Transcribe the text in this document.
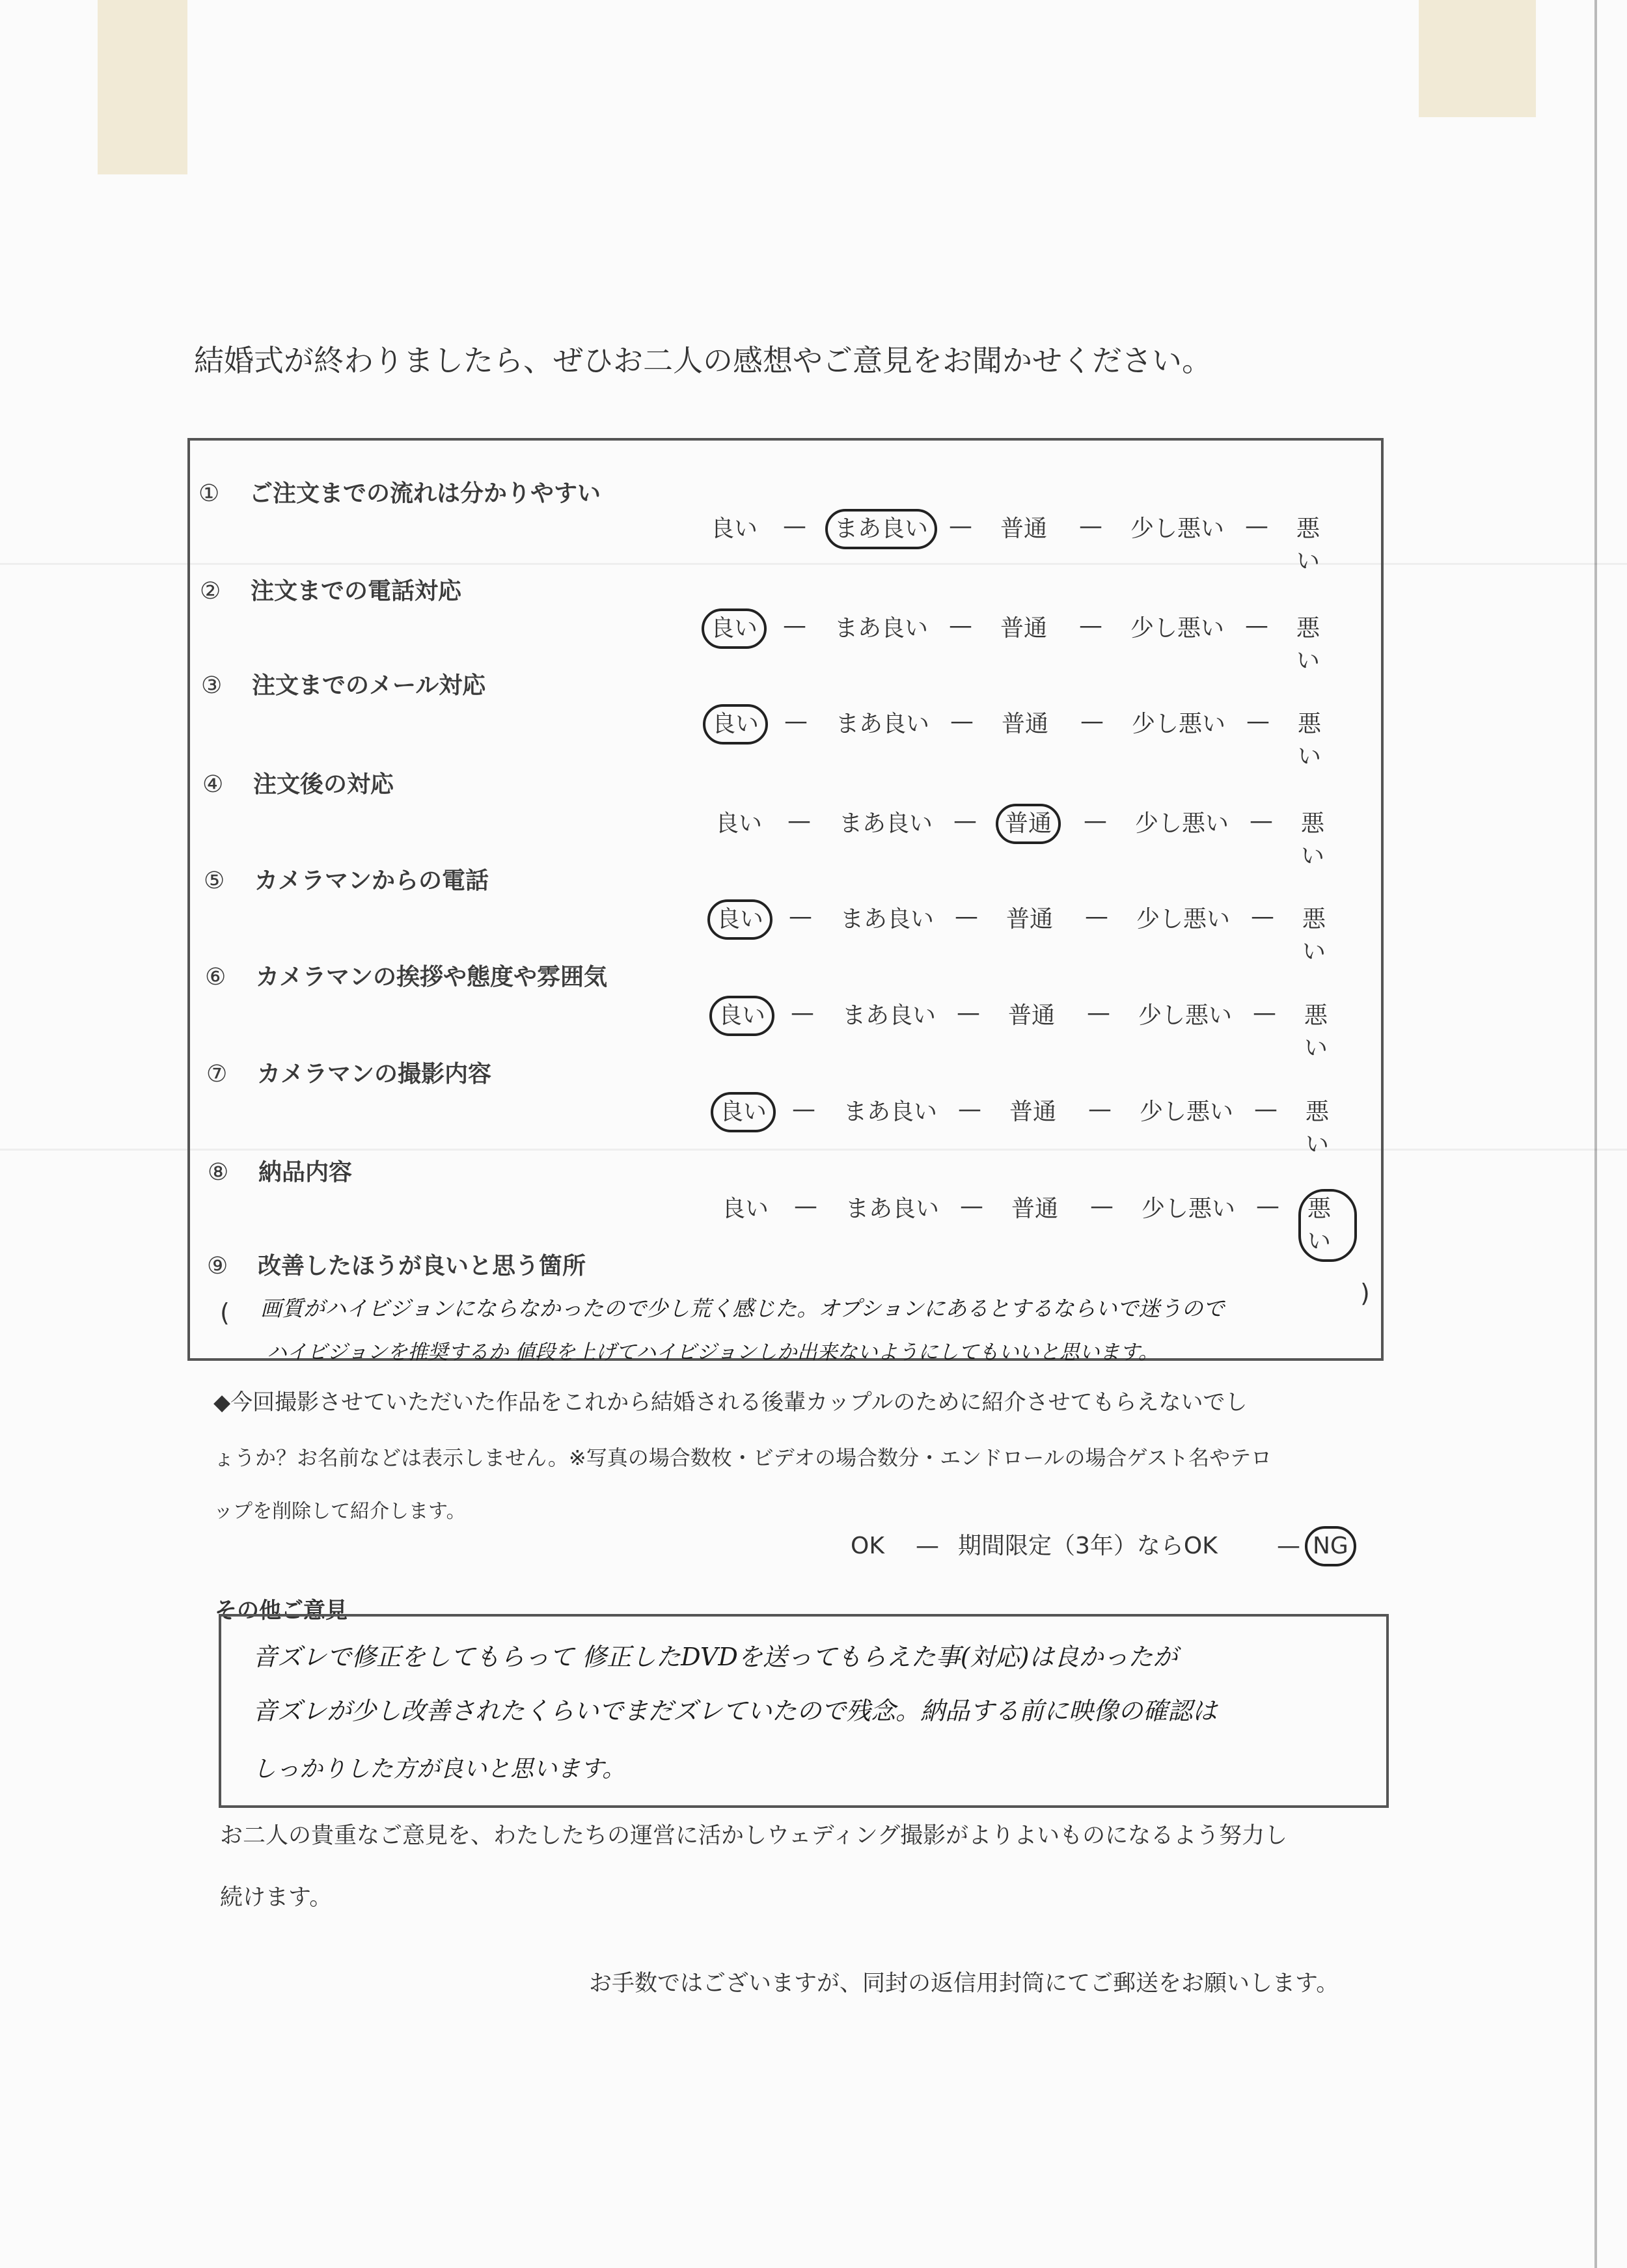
結婚式が終わりましたら、ぜひお二人の感想やご意見をお聞かせください。
① ご注文までの流れは分かりやすい
良い	—	まあ良い —	普通	—	少し悪い —	悪い
② 注文までの電話対応
良い	—	まあ良い —	普通	—	少し悪い —	悪い
③ 注文までのメール対応
良い	—	まあ良い —	普通	—	少し悪い —	悪い
④ 注文後の対応
良い	—	まあ良い —	普通	—	少し悪い —	悪い
⑤ カメラマンからの電話
良い	—	まあ良い —	普通	—	少し悪い —	悪い
⑥ カメラマンの挨拶や態度や雰囲気
良い	—	まあ良い —	普通	—	少し悪い —	悪い
⑦ カメラマンの撮影内容
良い	—	まあ良い —	普通	—	少し悪い —	悪い
⑧ 納品内容
良い	—	まあ良い —	普通	—	少し悪い —	悪い
⑨ 改善したほうが良いと思う箇所
(
)
画質がハイビジョンにならなかったので少し荒く感じた。オプションにあるとするならいで迷うので
ハイビジョンを推奨するか 値段を上げてハイビジョンしか出来ないようにしてもいいと思います。
◆今回撮影させていただいた作品をこれから結婚される後輩カップルのために紹介させてもらえないでし
ょうか？お名前などは表示しません。※写真の場合数枚・ビデオの場合数分・エンドロールの場合ゲスト名やテロ
ップを削除して紹介します。
OK	期間限定（3年）ならOK	NG
—	—
その他ご意見
音ズレで修正をしてもらって 修正したDVDを送ってもらえた事(対応)は良かったが
音ズレが少し改善されたくらいでまだズレていたので残念。納品する前に映像の確認は
しっかりした方が良いと思います。
お二人の貴重なご意見を、わたしたちの運営に活かしウェディング撮影がよりよいものになるよう努力し
続けます。
お手数ではございますが、同封の返信用封筒にてご郵送をお願いします。
